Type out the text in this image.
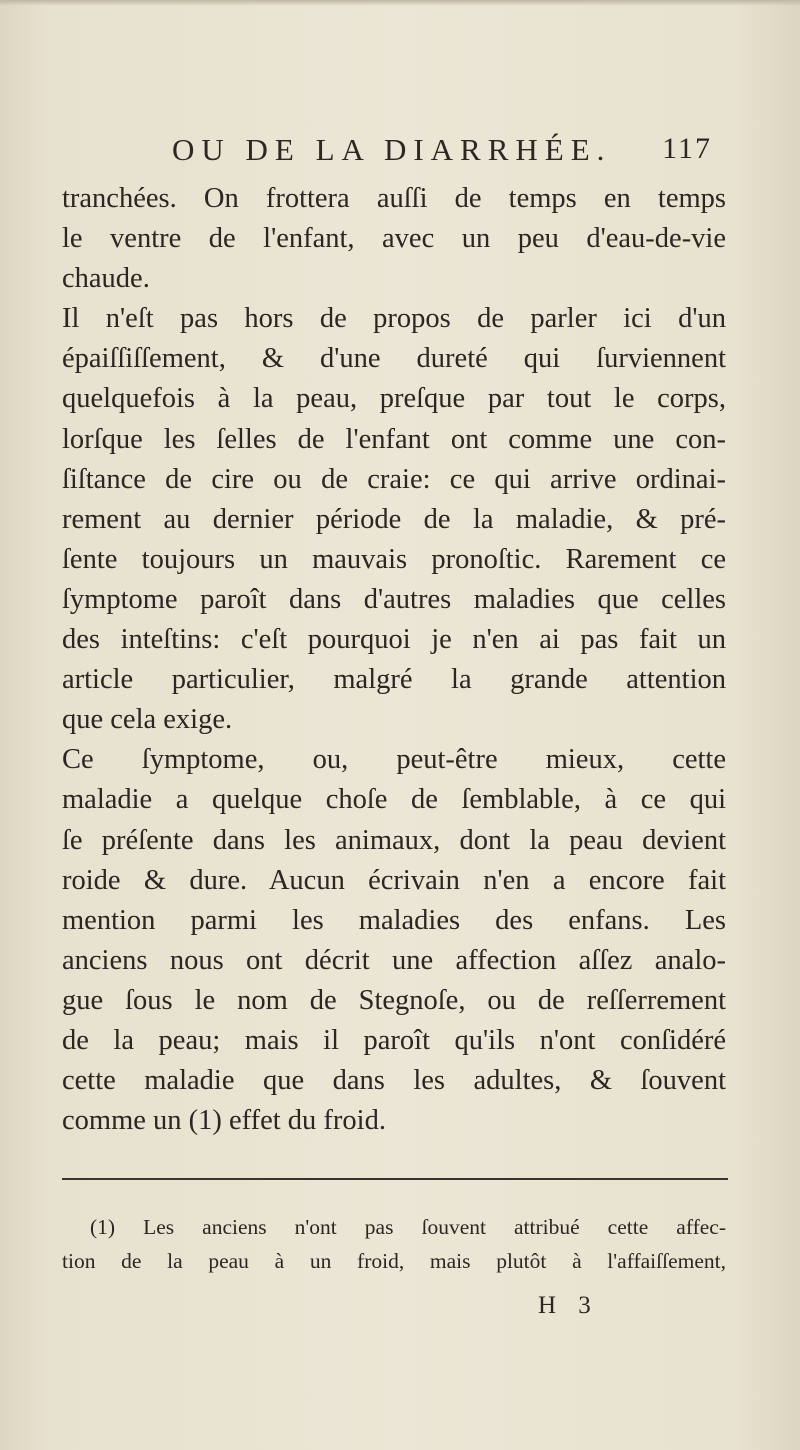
OU DE LA DIARRHÉE. 117
tranchées. On frottera auſſi de temps en temps
le ventre de l'enfant, avec un peu d'eau-de-vie
chaude.
Il n'eſt pas hors de propos de parler ici d'un
épaiſſiſſement, & d'une dureté qui ſurviennent
quelquefois à la peau, preſque par tout le corps,
lorſque les ſelles de l'enfant ont comme une con-
ſiſtance de cire ou de craie: ce qui arrive ordinai-
rement au dernier période de la maladie, & pré-
ſente toujours un mauvais pronoſtic. Rarement ce
ſymptome paroît dans d'autres maladies que celles
des inteſtins: c'eſt pourquoi je n'en ai pas fait un
article particulier, malgré la grande attention
que cela exige.
Ce ſymptome, ou, peut-être mieux, cette
maladie a quelque choſe de ſemblable, à ce qui
ſe préſente dans les animaux, dont la peau devient
roide & dure. Aucun écrivain n'en a encore fait
mention parmi les maladies des enfans. Les
anciens nous ont décrit une affection aſſez analo-
gue ſous le nom de Stegnoſe, ou de reſſerrement
de la peau; mais il paroît qu'ils n'ont conſidéré
cette maladie que dans les adultes, & ſouvent
comme un (1) effet du froid.
(1) Les anciens n'ont pas ſouvent attribué cette affec-
tion de la peau à un froid, mais plutôt à l'affaiſſement,
H 3
